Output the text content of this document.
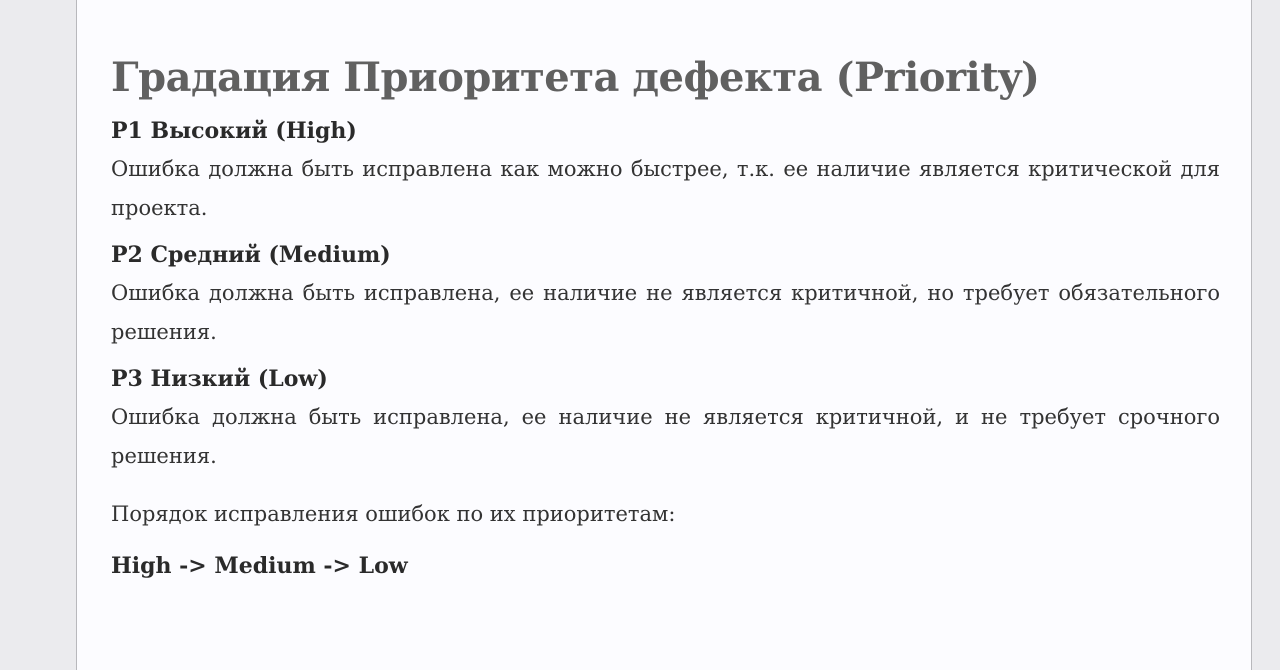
Градация Приоритета дефекта (Priority)
P1 Высокий (High)

Ошибка должна быть исправлена как можно быстрее, т.к. ее наличие является критической для проекта.

P2 Средний (Medium)

Ошибка должна быть исправлена, ее наличие не является критичной, но требует обязательного решения.

P3 Низкий (Low)

Ошибка должна быть исправлена, ее наличие не является критичной, и не требует срочного решения.

Порядок исправления ошибок по их приоритетам:

High -> Medium -> Low
